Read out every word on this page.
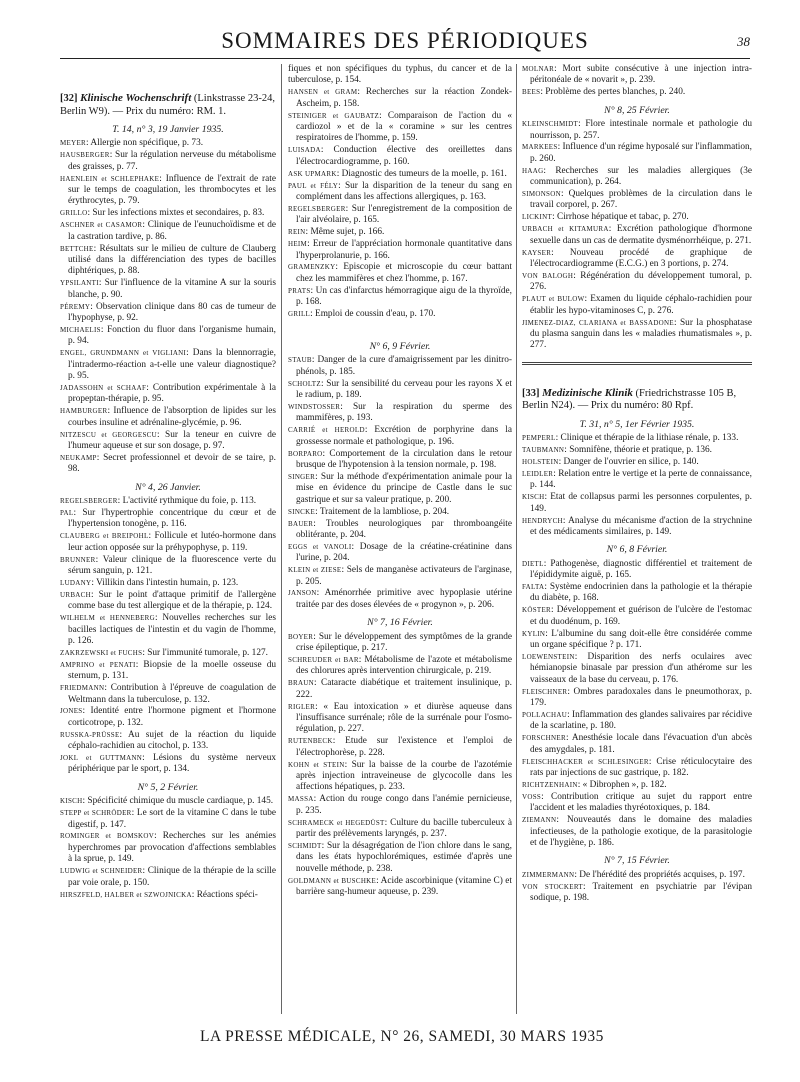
SOMMAIRES DES PÉRIODIQUES	38
[32] Klinische Wochenschrift (Linkstrasse 23-24, Berlin W9). — Prix du numéro: RM. 1.
T. 14, n° 3, 19 Janvier 1935.
MEYER: Allergie non spécifique, p. 73.
HAUSBERGER: Sur la régulation nerveuse du métabolisme des graisses, p. 77.
HAENLEIN et SCHLEPHAKE: Influence de l'extrait de rate sur le temps de coagulation, les thrombocytes et les érythrocytes, p. 79.
GRILLO: Sur les infections mixtes et secondaires, p. 83.
ASCHNER et CASAMOR: Clinique de l'eunuchoïdisme et de la castration tardive, p. 86.
BETTCHE: Résultats sur le milieu de culture de Clauberg utilisé dans la différenciation des types de bacilles diphtériques, p. 88.
YPSILANTI: Sur l'influence de la vitamine A sur la souris blanche, p. 90.
PÉREMY: Observation clinique dans 80 cas de tumeur de l'hypophyse, p. 92.
MICHAELIS: Fonction du fluor dans l'organisme humain, p. 94.
ENGEL, GRUNDMANN et VIGLIANI: Dans la blennorragie, l'intradermo-réaction a-t-elle une valeur diagnostique? p. 95.
JADASSOHN et SCHAAF: Contribution expérimentale à la propeptan-thérapie, p. 95.
HAMBURGER: Influence de l'absorption de lipides sur les courbes insuline et adrénaline-glycémie, p. 96.
NITZESCU et GEORGESCU: Sur la teneur en cuivre de l'humeur aqueuse et sur son dosage, p. 97.
NEUKAMP: Secret professionnel et devoir de se taire, p. 98.
N° 4, 26 Janvier.
REGELSBERGER: L'activité rythmique du foie, p. 113.
PAL: Sur l'hypertrophie concentrique du cœur et de l'hypertension tonogène, p. 116.
CLAUBERG et BREIPOHL: Follicule et lutéo-hormone dans leur action opposée sur la préhypophyse, p. 119.
BRUNNER: Valeur clinique de la fluorescence verte du sérum sanguin, p. 121.
LUDANY: Villikin dans l'intestin humain, p. 123.
URBACH: Sur le point d'attaque primitif de l'allergène comme base du test allergique et de la thérapie, p. 124.
WILHELM et HENNEBERG: Nouvelles recherches sur les bacilles lactiques de l'intestin et du vagin de l'homme, p. 126.
ZAKRZEWSKI et FUCHS: Sur l'immunité tumorale, p. 127.
AMPRINO et PENATI: Biopsie de la moelle osseuse du sternum, p. 131.
FRIEDMANN: Contribution à l'épreuve de coagulation de Weltmann dans la tuberculose, p. 132.
JONES: Identité entre l'hormone pigment et l'hormone corticotrope, p. 132.
RUSSKA-PRÜSSE: Au sujet de la réaction du liquide céphalo-rachidien au citochol, p. 133.
JOKL et GUTTMANN: Lésions du système nerveux périphérique par le sport, p. 134.
N° 5, 2 Février.
KISCH: Spécificité chimique du muscle cardiaque, p. 145.
STEPP et SCHRÖDER: Le sort de la vitamine C dans le tube digestif, p. 147.
ROMINGER et BOMSKOV: Recherches sur les anémies hyperchromes par provocation d'affections semblables à la sprue, p. 149.
LUDWIG et SCHNEIDER: Clinique de la thérapie de la scille par voie orale, p. 150.
HIRSZFELD, HALBER et SZWOJNICKA: Réactions spéci-
fiques et non spécifiques du typhus, du cancer et de la tuberculose, p. 154.
HANSEN et GRAM: Recherches sur la réaction Zondek-Ascheim, p. 158.
STEINIGER et GAUBATZ: Comparaison de l'action du « cardiozol » et de la « coramine » sur les centres respiratoires de l'homme, p. 159.
LUISADA: Conduction élective des oreillettes dans l'électrocardiogramme, p. 160.
ASK UPMARK: Diagnostic des tumeurs de la moelle, p. 161.
PAUL et FÉLY: Sur la disparition de la teneur du sang en complément dans les affections allergiques, p. 163.
REGELSBERGER: Sur l'enregistrement de la composition de l'air alvéolaire, p. 165.
REIN: Même sujet, p. 166.
HEIM: Erreur de l'appréciation hormonale quantitative dans l'hyperprolanurie, p. 166.
GRAMENZKY: Episcopie et microscopie du cœur battant chez les mammifères et chez l'homme, p. 167.
PRATS: Un cas d'infarctus hémorragique aigu de la thyroïde, p. 168.
GRILL: Emploi de coussin d'eau, p. 170.
N° 6, 9 Février.
STAUB: Danger de la cure d'amaigrissement par les dinitro-phénols, p. 185.
SCHOLTZ: Sur la sensibilité du cerveau pour les rayons X et le radium, p. 189.
WINDSTOSSER: Sur la respiration du sperme des mammifères, p. 193.
CARRIÉ et HEROLD: Excrétion de porphyrine dans la grossesse normale et pathologique, p. 196.
BORPARO: Comportement de la circulation dans le retour brusque de l'hypotension à la tension normale, p. 198.
SINGER: Sur la méthode d'expérimentation animale pour la mise en évidence du principe de Castle dans le suc gastrique et sur sa valeur pratique, p. 200.
SINCKE: Traitement de la lambliose, p. 204.
BAUER: Troubles neurologiques par thromboangéite oblitérante, p. 204.
EGGS et VANOLI: Dosage de la créatine-créatinine dans l'urine, p. 204.
KLEIN et ZIESE: Sels de manganèse activateurs de l'arginase, p. 205.
JANSON: Aménorrhée primitive avec hypoplasie utérine traitée par des doses élevées de « progynon », p. 206.
N° 7, 16 Février.
BOYER: Sur le développement des symptômes de la grande crise épileptique, p. 217.
SCHREUDER et BAR: Métabolisme de l'azote et métabolisme des chlorures après intervention chirurgicale, p. 219.
BRAUN: Cataracte diabétique et traitement insulinique, p. 222.
RIGLER: « Eau intoxication » et diurèse aqueuse dans l'insuffisance surrénale; rôle de la surrénale pour l'osmo-régulation, p. 227.
RUTENBECK: Etude sur l'existence et l'emploi de l'électrophorèse, p. 228.
KOHN et STEIN: Sur la baisse de la courbe de l'azotémie après injection intraveineuse de glycocolle dans les affections hépatiques, p. 233.
MASSA: Action du rouge congo dans l'anémie pernicieuse, p. 235.
SCHRAMECK et HEGEDÜST: Culture du bacille tuberculeux à partir des prélèvements laryngés, p. 237.
SCHMIDT: Sur la désagrégation de l'ion chlore dans le sang, dans les états hypochlorémiques, estimée d'après une nouvelle méthode, p. 238.
GOLDMANN et BUSCHKE: Acide ascorbinique (vitamine C) et barrière sang-humeur aqueuse, p. 239.
MOLNAR: Mort subite consécutive à une injection intra-péritonéale de « novarit », p. 239.
BEES: Problème des pertes blanches, p. 240.
N° 8, 25 Février.
KLEINSCHMIDT: Flore intestinale normale et pathologie du nourrisson, p. 257.
MARKEES: Influence d'un régime hyposalé sur l'inflammation, p. 260.
HAAG: Recherches sur les maladies allergiques (3e communication), p. 264.
SIMONSON: Quelques problèmes de la circulation dans le travail corporel, p. 267.
LICKINT: Cirrhose hépatique et tabac, p. 270.
URBACH et KITAMURA: Excrétion pathologique d'hormone sexuelle dans un cas de dermatite dysménorrhéique, p. 271.
KAYSER: Nouveau procédé de graphique de l'électrocardiogramme (E.C.G.) en 3 portions, p. 274.
VON BALOGH: Régénération du développement tumoral, p. 276.
PLAUT et BULOW: Examen du liquide céphalo-rachidien pour établir les hypo-vitaminoses C, p. 276.
JIMENEZ-DIAZ, CLARIANA et BASSADONE: Sur la phosphatase du plasma sanguin dans les « maladies rhumatismales », p. 277.
[33] Medizinische Klinik (Friedrichstrasse 105 B, Berlin N24). — Prix du numéro: 80 Rpf.
T. 31, n° 5, 1er Février 1935.
PEMPERL: Clinique et thérapie de la lithiase rénale, p. 133.
TAUBMANN: Somnifène, théorie et pratique, p. 136.
HOLSTEIN: Danger de l'ouvrier en silice, p. 140.
LEIDLER: Relation entre le vertige et la perte de connaissance, p. 144.
KISCH: Etat de collapsus parmi les personnes corpulentes, p. 149.
HENDRYCH: Analyse du mécanisme d'action de la strychnine et des médicaments similaires, p. 149.
N° 6, 8 Février.
DIETL: Pathogenèse, diagnostic différentiel et traitement de l'épididymite aiguë, p. 165.
FALTA: Système endocrinien dans la pathologie et la thérapie du diabète, p. 168.
KÖSTER: Développement et guérison de l'ulcère de l'estomac et du duodénum, p. 169.
KYLIN: L'albumine du sang doit-elle être considérée comme un organe spécifique ? p. 171.
LOEWENSTEIN: Disparition des nerfs oculaires avec hémianopsie binasale par pression d'un athérome sur les vaisseaux de la base du cerveau, p. 176.
FLEISCHNER: Ombres paradoxales dans le pneumothorax, p. 179.
POLLACHAU: Inflammation des glandes salivaires par récidive de la scarlatine, p. 180.
FORSCHNER: Anesthésie locale dans l'évacuation d'un abcès des amygdales, p. 181.
FLEISCHHACKER et SCHLESINGER: Crise réticulocytaire des rats par injections de suc gastrique, p. 182.
RICHTZENHAIN: « Dibrophen », p. 182.
VOSS: Contribution critique au sujet du rapport entre l'accident et les maladies thyréotoxiques, p. 184.
ZIEMANN: Nouveautés dans le domaine des maladies infectieuses, de la pathologie exotique, de la parasitologie et de l'hygiène, p. 186.
N° 7, 15 Février.
ZIMMERMANN: De l'hérédité des propriétés acquises, p. 197.
VON STOCKERT: Traitement en psychiatrie par l'évipan sodique, p. 198.
LA PRESSE MÉDICALE, N° 26, SAMEDI, 30 MARS 1935
